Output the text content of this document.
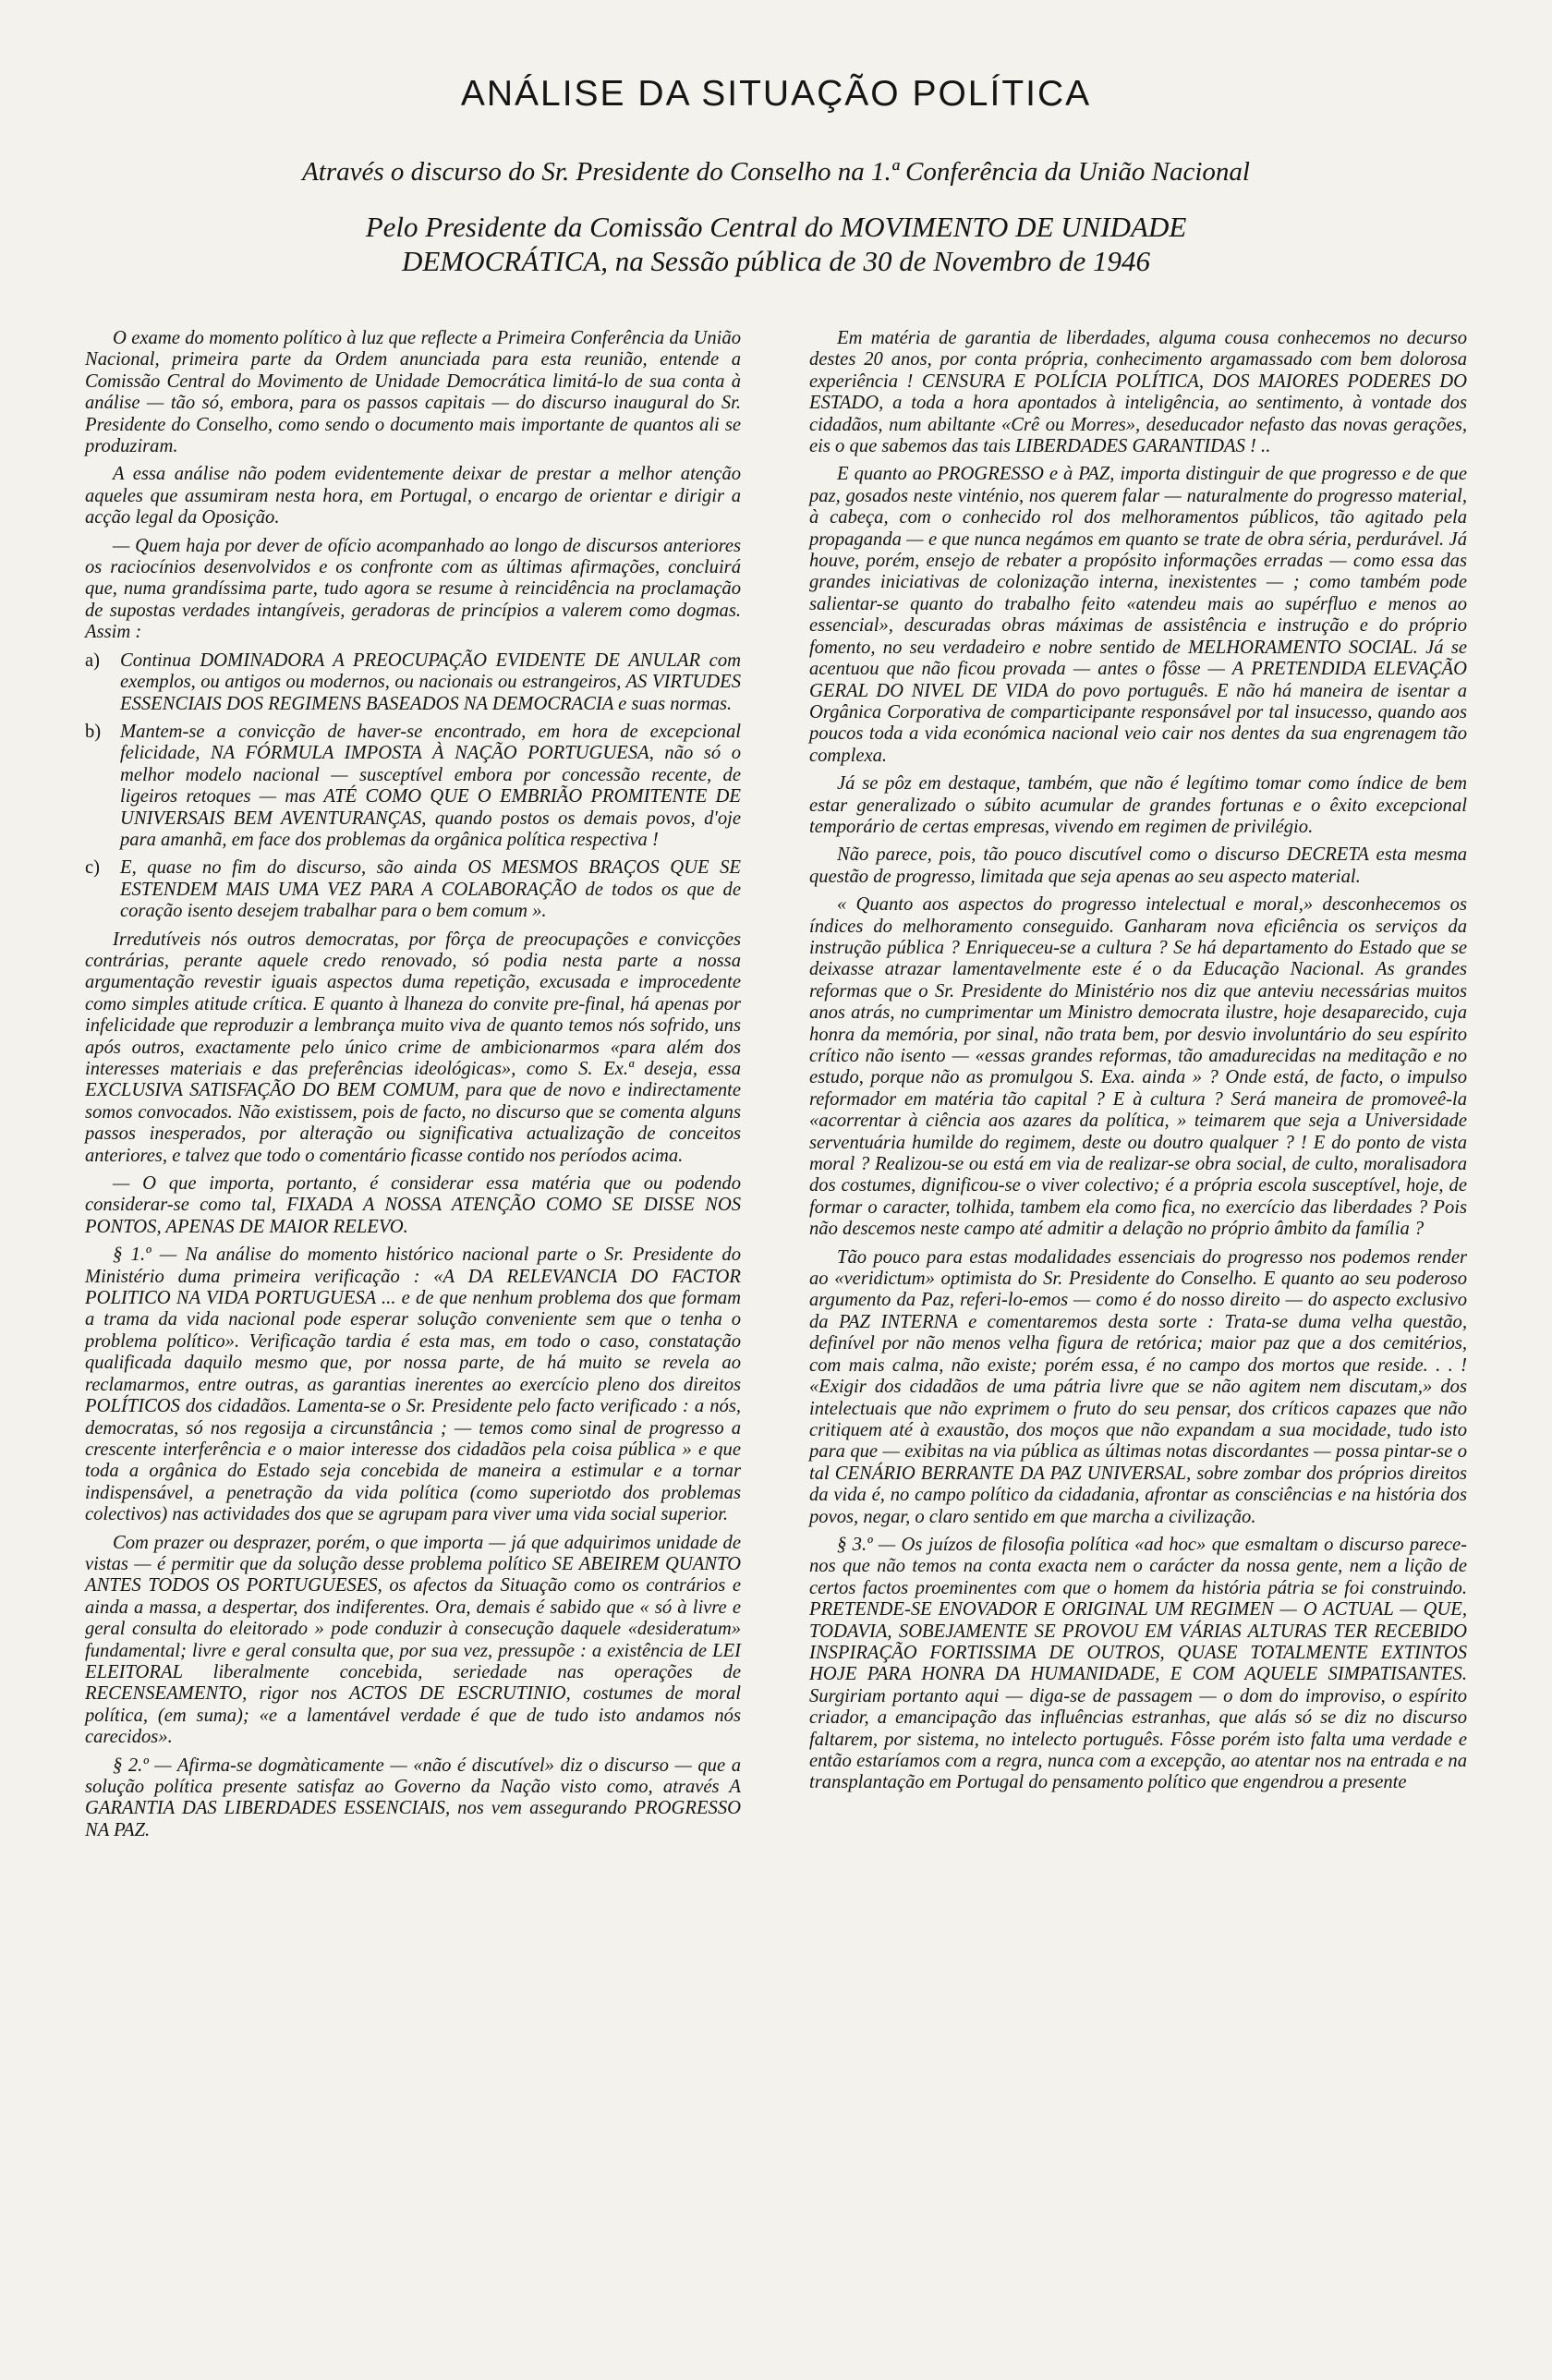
ANÁLISE DA SITUAÇÃO POLÍTICA
Através o discurso do Sr. Presidente do Conselho na 1.ª Conferência da União Nacional
Pelo Presidente da Comissão Central do MOVIMENTO DE UNIDADE
DEMOCRÁTICA, na Sessão pública de 30 de Novembro de 1946

O exame do momento político à luz que reflecte a Primeira Conferência da União Nacional, primeira parte da Ordem anunciada para esta reunião, entende a Comissão Central do Movimento de Unidade Democrática limitá-lo de sua conta à análise — tão só, embora, para os passos capitais — do discurso inaugural do Sr. Presidente do Conselho, como sendo o documento mais importante de quantos ali se produziram.

A essa análise não podem evidentemente deixar de prestar a melhor atenção aqueles que assumiram nesta hora, em Portugal, o encargo de orientar e dirigir a acção legal da Oposição.

— Quem haja por dever de ofício acompanhado ao longo de discursos anteriores os raciocínios desenvolvidos e os confronte com as últimas afirmações, concluirá que, numa grandíssima parte, tudo agora se resume à reincidência na proclamação de supostas verdades intangíveis, geradoras de princípios a valerem como dogmas. Assim :

a)	Continua DOMINADORA A PREOCUPAÇÃO EVIDENTE DE ANULAR com exemplos, ou antigos ou modernos, ou nacionais ou estrangeiros, AS VIRTUDES ESSENCIAIS DOS REGIMENS BASEADOS NA DEMOCRACIA e suas normas.
b)	Mantem-se a convicção de haver-se encontrado, em hora de excepcional felicidade, NA FÓRMULA IMPOSTA À NAÇÃO PORTUGUESA, não só o melhor modelo nacional — susceptível embora por concessão recente, de ligeiros retoques — mas ATÉ COMO QUE O EMBRIÃO PROMITENTE DE UNIVERSAIS BEM AVENTURANÇAS, quando postos os demais povos, d'oje para amanhã, em face dos problemas da orgânica política respectiva !
c)	E, quase no fim do discurso, são ainda OS MESMOS BRAÇOS QUE SE ESTENDEM MAIS UMA VEZ PARA A COLABORAÇÃO de todos os que de coração isento desejem trabalhar para o bem comum ».

Irredutíveis nós outros democratas, por fôrça de preocupações e convicções contrárias, perante aquele credo renovado, só podia nesta parte a nossa argumentação revestir iguais aspectos duma repetição, excusada e improcedente como simples atitude crítica. E quanto à lhaneza do convite pre-final, há apenas por infelicidade que reproduzir a lembrança muito viva de quanto temos nós sofrido, uns após outros, exactamente pelo único crime de ambicionarmos «para além dos interesses materiais e das preferências ideológicas», como S. Ex.ª deseja, essa EXCLUSIVA SATISFAÇÃO DO BEM COMUM, para que de novo e indirectamente somos convocados. Não existissem, pois de facto, no discurso que se comenta alguns passos inesperados, por alteração ou significativa actualização de conceitos anteriores, e talvez que todo o comentário ficasse contido nos períodos acima.

— O que importa, portanto, é considerar essa matéria que ou podendo considerar-se como tal, FIXADA A NOSSA ATENÇÃO COMO SE DISSE NOS PONTOS, APENAS DE MAIOR RELEVO.

§ 1.º — Na análise do momento histórico nacional parte o Sr. Presidente do Ministério duma primeira verificação : «A DA RELEVANCIA DO FACTOR POLITICO NA VIDA PORTUGUESA ... e de que nenhum problema dos que formam a trama da vida nacional pode esperar solução conveniente sem que o tenha o problema político». Verificação tardia é esta mas, em todo o caso, constatação qualificada daquilo mesmo que, por nossa parte, de há muito se revela ao reclamarmos, entre outras, as garantias inerentes ao exercício pleno dos direitos POLÍTICOS dos cidadãos. Lamenta-se o Sr. Presidente pelo facto verificado : a nós, democratas, só nos regosija a circunstância ; — temos como sinal de progresso a crescente interferência e o maior interesse dos cidadãos pela coisa pública » e que toda a orgânica do Estado seja concebida de maneira a estimular e a tornar indispensável, a penetração da vida política (como superiotdo dos problemas colectivos) nas actividades dos que se agrupam para viver uma vida social superior.

Com prazer ou desprazer, porém, o que importa — já que adquirimos unidade de vistas — é permitir que da solução desse problema político SE ABEIREM QUANTO ANTES TODOS OS PORTUGUESES, os afectos da Situação como os contrários e ainda a massa, a despertar, dos indiferentes. Ora, demais é sabido que « só à livre e geral consulta do eleitorado » pode conduzir à consecução daquele «desideratum» fundamental; livre e geral consulta que, por sua vez, pressupõe : a existência de LEI ELEITORAL liberalmente concebida, seriedade nas operações de RECENSEAMENTO, rigor nos ACTOS DE ESCRUTINIO, costumes de moral política, (em suma); «e a lamentável verdade é que de tudo isto andamos nós carecidos».

§ 2.º — Afirma-se dogmàticamente — «não é discutível» diz o discurso — que a solução política presente satisfaz ao Governo da Nação visto como, através A GARANTIA DAS LIBERDADES ESSENCIAIS, nos vem assegurando PROGRESSO NA PAZ.

Em matéria de garantia de liberdades, alguma cousa conhecemos no decurso destes 20 anos, por conta própria, conhecimento argamassado com bem dolorosa experiência ! CENSURA E POLÍCIA POLÍTICA, DOS MAIORES PODERES DO ESTADO, a toda a hora apontados à inteligência, ao sentimento, à vontade dos cidadãos, num abiltante «Crê ou Morres», deseducador nefasto das novas gerações, eis o que sabemos das tais LIBERDADES GARANTIDAS ! ..

E quanto ao PROGRESSO e à PAZ, importa distinguir de que progresso e de que paz, gosados neste vinténio, nos querem falar — naturalmente do progresso material, à cabeça, com o conhecido rol dos melhoramentos públicos, tão agitado pela propaganda — e que nunca negámos em quanto se trate de obra séria, perdurável. Já houve, porém, ensejo de rebater a propósito informações erradas — como essa das grandes iniciativas de colonização interna, inexistentes — ; como também pode salientar-se quanto do trabalho feito «atendeu mais ao supérfluo e menos ao essencial», descuradas obras máximas de assistência e instrução e do próprio fomento, no seu verdadeiro e nobre sentido de MELHORAMENTO SOCIAL. Já se acentuou que não ficou provada — antes o fôsse — A PRETENDIDA ELEVAÇÃO GERAL DO NIVEL DE VIDA do povo português. E não há maneira de isentar a Orgânica Corporativa de comparticipante responsável por tal insucesso, quando aos poucos toda a vida económica nacional veio cair nos dentes da sua engrenagem tão complexa.

Já se pôz em destaque, também, que não é legítimo tomar como índice de bem estar generalizado o súbito acumular de grandes fortunas e o êxito excepcional temporário de certas empresas, vivendo em regimen de privilégio.

Não parece, pois, tão pouco discutível como o discurso DECRETA esta mesma questão de progresso, limitada que seja apenas ao seu aspecto material.

« Quanto aos aspectos do progresso intelectual e moral,» desconhecemos os índices do melhoramento conseguido. Ganharam nova eficiência os serviços da instrução pública ? Enriqueceu-se a cultura ? Se há departamento do Estado que se deixasse atrazar lamentavelmente este é o da Educação Nacional. As grandes reformas que o Sr. Presidente do Ministério nos diz que anteviu necessárias muitos anos atrás, no cumprimentar um Ministro democrata ilustre, hoje desaparecido, cuja honra da memória, por sinal, não trata bem, por desvio involuntário do seu espírito crítico não isento — «essas grandes reformas, tão amadurecidas na meditação e no estudo, porque não as promulgou S. Exa. ainda » ? Onde está, de facto, o impulso reformador em matéria tão capital ? E à cultura ? Será maneira de promoveê-la «acorrentar à ciência aos azares da política, » teimarem que seja a Universidade serventuária humilde do regimem, deste ou doutro qualquer ? ! E do ponto de vista moral ? Realizou-se ou está em via de realizar-se obra social, de culto, moralisadora dos costumes, dignificou-se o viver colectivo; é a própria escola susceptível, hoje, de formar o caracter, tolhida, tambem ela como fica, no exercício das liberdades ? Pois não descemos neste campo até admitir a delação no próprio âmbito da família ?

Tão pouco para estas modalidades essenciais do progresso nos podemos render ao «veridictum» optimista do Sr. Presidente do Conselho. E quanto ao seu poderoso argumento da Paz, referi-lo-emos — como é do nosso direito — do aspecto exclusivo da PAZ INTERNA e comentaremos desta sorte : Trata-se duma velha questão, definível por não menos velha figura de retórica; maior paz que a dos cemitérios, com mais calma, não existe; porém essa, é no campo dos mortos que reside. . . ! «Exigir dos cidadãos de uma pátria livre que se não agitem nem discutam,» dos intelectuais que não exprimem o fruto do seu pensar, dos críticos capazes que não critiquem até à exaustão, dos moços que não expandam a sua mocidade, tudo isto para que — exibitas na via pública as últimas notas discordantes — possa pintar-se o tal CENÁRIO BERRANTE DA PAZ UNIVERSAL, sobre zombar dos próprios direitos da vida é, no campo político da cidadania, afrontar as consciências e na história dos povos, negar, o claro sentido em que marcha a civilização.

§ 3.º — Os juízos de filosofia política «ad hoc» que esmaltam o discurso parece-nos que não temos na conta exacta nem o carácter da nossa gente, nem a lição de certos factos proeminentes com que o homem da história pátria se foi construindo. PRETENDE-SE ENOVADOR E ORIGINAL UM REGIMEN — O ACTUAL — QUE, TODAVIA, SOBEJAMENTE SE PROVOU EM VÁRIAS ALTURAS TER RECEBIDO INSPIRAÇÃO FORTISSIMA DE OUTROS, QUASE TOTALMENTE EXTINTOS HOJE PARA HONRA DA HUMANIDADE, E COM AQUELE SIMPATISANTES. Surgiriam portanto aqui — diga-se de passagem — o dom do improviso, o espírito criador, a emancipação das influências estranhas, que alás só se diz no discurso faltarem, por sistema, no intelecto português. Fôsse porém isto falta uma verdade e então estaríamos com a regra, nunca com a excepção, ao atentar nos na entrada e na transplantação em Portugal do pensamento político que engendrou a presente
